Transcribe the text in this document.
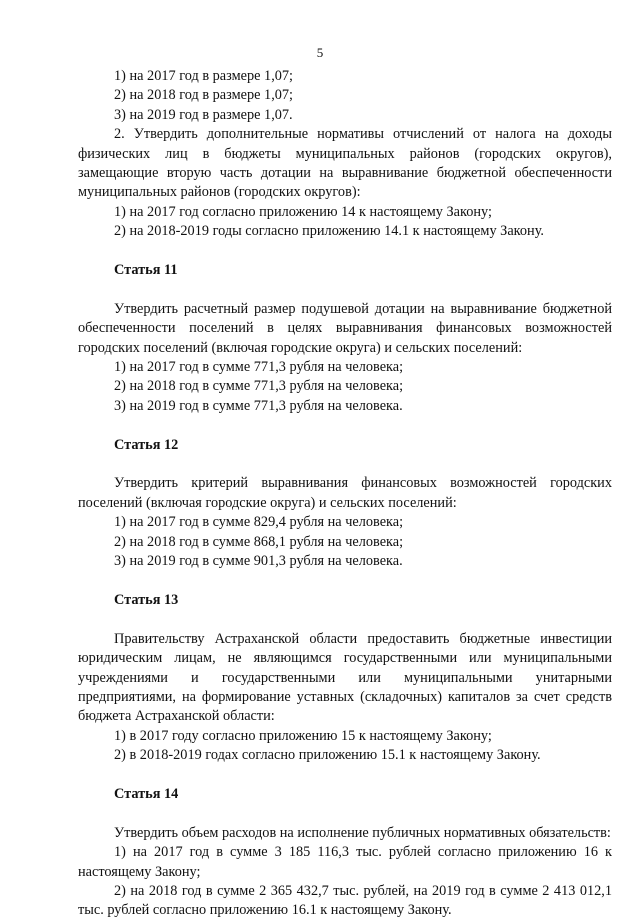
5

1) на 2017 год в размере 1,07;

2) на 2018 год в размере 1,07;

3) на 2019 год в размере 1,07.

2. Утвердить дополнительные нормативы отчислений от налога на доходы физических лиц в бюджеты муниципальных районов (городских округов), замещающие вторую часть дотации на выравнивание бюджетной обеспеченности муниципальных районов (городских округов):

1) на 2017 год согласно приложению 14 к настоящему Закону;

2) на 2018-2019 годы согласно приложению 14.1 к настоящему Закону.

Статья 11

Утвердить расчетный размер подушевой дотации на выравнивание бюджетной обеспеченности поселений в целях выравнивания финансовых возможностей городских поселений (включая городские округа) и сельских поселений:

1) на 2017 год в сумме 771,3 рубля на человека;

2) на 2018 год в сумме 771,3 рубля на человека;

3) на 2019 год в сумме 771,3 рубля на человека.

Статья 12

Утвердить критерий выравнивания финансовых возможностей городских поселений (включая городские округа) и сельских поселений:

1) на 2017 год в сумме 829,4 рубля на человека;

2) на 2018 год в сумме 868,1 рубля на человека;

3) на 2019 год в сумме 901,3 рубля на человека.

Статья 13

Правительству Астраханской области предоставить бюджетные инвестиции юридическим лицам, не являющимся государственными или муниципальными учреждениями и государственными или муниципальными унитарными предприятиями, на формирование уставных (складочных) капиталов за счет средств бюджета Астраханской области:

1) в 2017 году согласно приложению 15 к настоящему Закону;

2) в 2018-2019 годах согласно приложению 15.1 к настоящему Закону.

Статья 14

Утвердить объем расходов на исполнение публичных нормативных обязательств:

1) на 2017 год в сумме 3 185 116,3 тыс. рублей согласно приложению 16 к настоящему Закону;

2) на 2018 год в сумме 2 365 432,7 тыс. рублей, на 2019 год в сумме 2 413 012,1 тыс. рублей согласно приложению 16.1 к настоящему Закону.
